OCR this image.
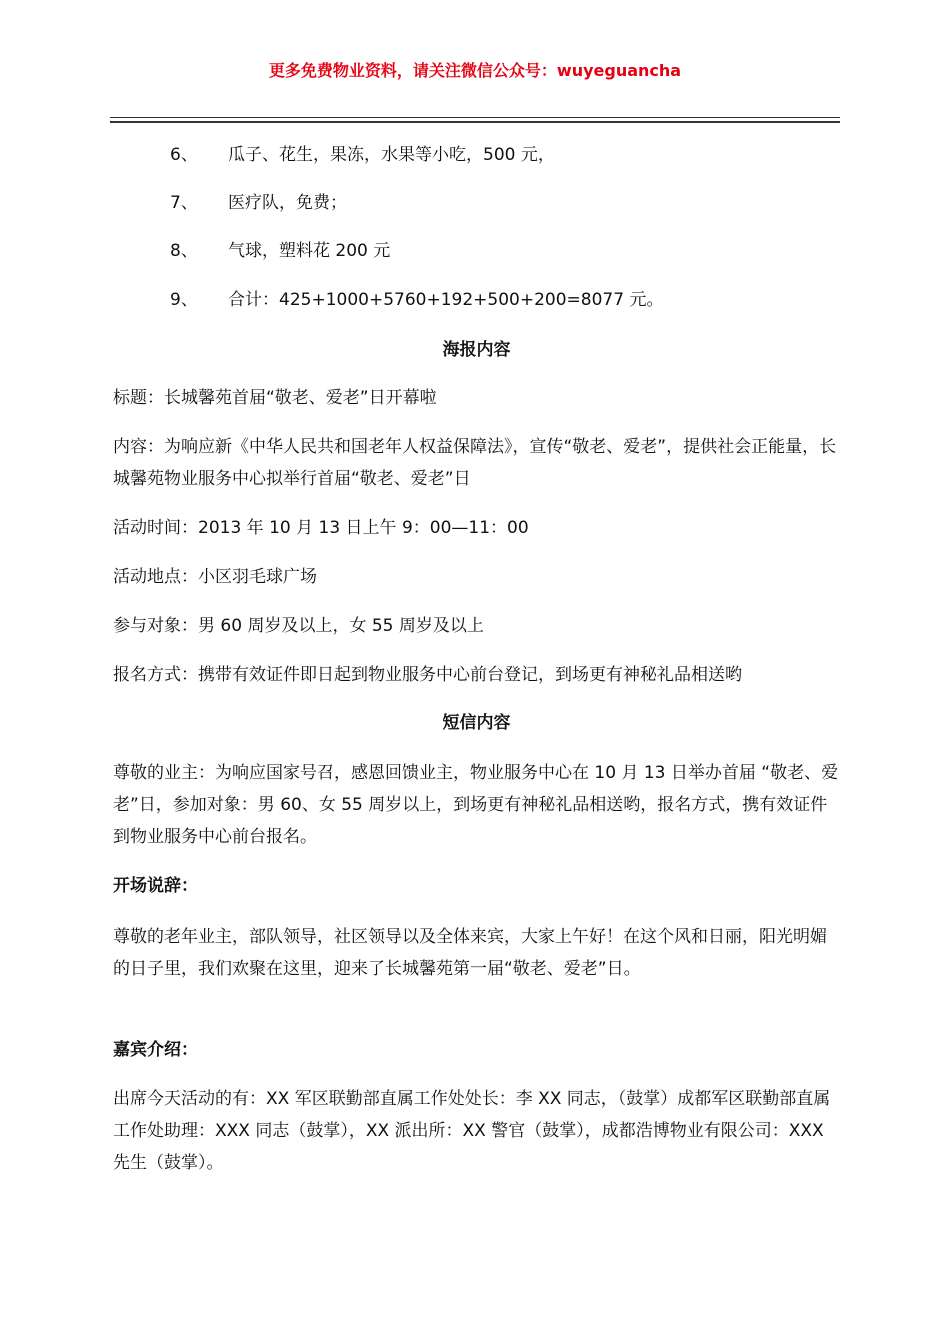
更多免费物业资料，请关注微信公众号：wuyeguancha
6、 瓜子、花生，果冻，水果等小吃，500 元，
7、 医疗队，免费；
8、 气球，塑料花 200 元
9、 合计：425+1000+5760+192+500+200=8077 元。
海报内容
标题：长城馨苑首届“敬老、爱老”日开幕啦
内容：为响应新《中华人民共和国老年人权益保障法》，宣传“敬老、爱老”，提供社会正能量，长城馨苑物业服务中心拟举行首届“敬老、爱老”日
活动时间：2013 年 10 月 13 日上午 9：00—11：00
活动地点：小区羽毛球广场
参与对象：男 60 周岁及以上，女 55 周岁及以上
报名方式：携带有效证件即日起到物业服务中心前台登记，到场更有神秘礼品相送哟
短信内容
尊敬的业主：为响应国家号召，感恩回馈业主，物业服务中心在 10 月 13 日举办首届 “敬老、爱老”日，参加对象：男 60、女 55 周岁以上，到场更有神秘礼品相送哟，报名方式，携有效证件到物业服务中心前台报名。
开场说辞：
尊敬的老年业主，部队领导，社区领导以及全体来宾，大家上午好！在这个风和日丽，阳光明媚的日子里，我们欢聚在这里，迎来了长城馨苑第一届“敬老、爱老”日。
嘉宾介绍：
出席今天活动的有：XX 军区联勤部直属工作处处长：李 XX 同志，（鼓掌）成都军区联勤部直属工作处助理：XXX 同志（鼓掌），XX 派出所：XX 警官（鼓掌），成都浩博物业有限公司：XXX 先生（鼓掌）。
